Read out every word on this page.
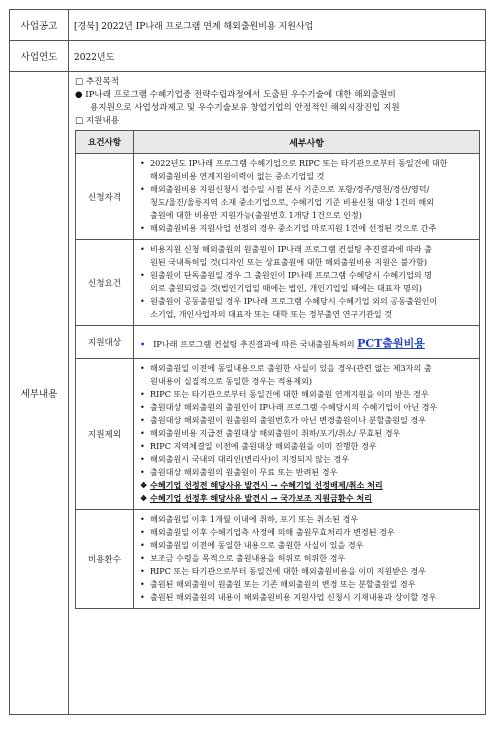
사업공고	[경북] 2022년 IP나래 프로그램 연계 해외출원비용 지원사업
사업연도	2022년도
세부내용	
□ 추진목적
● IP나래 프로그램 수혜기업중 전략수립과정에서 도출된 우수기술에 대한 해외출원비
용지원으로 사업성과제고 및 우수기술보유 창업기업의 안정적인 해외시장진입 지원
□ 지원내용
요건사항	세부사항
신청자격	
• 2022년도 IP나래 프로그램 수혜기업으로 RIPC 또는 타기관으로부터 동일건에 대한
해외출원비용 연계지원이력이 없는 중소기업일 것
• 해외출원비용 지원신청시 접수일 시점 본사 기준으로 포항/경주/영천/경산/영덕/
청도/울진/울릉지역 소재 중소기업으로, 수혜기업 기준 비용신청 대상 1건의 해외
출원에 대한 비용만 지원가능(출원번호 1개당 1건으로 인정)
• 해외출원비용 지원사업 선정의 경우 중소기업 마로지원 1건에 선정된 것으로 간주

신청요건	
• 비용지원 신청 해외출원의 원출원이 IP나래 프로그램 컨설팅 추진결과에 따라 출
원된 국내특허일 것(디자인 또는 상표출원에 대한 해외출원비용 지원은 불가함)
• 원출원이 단독출원일 경우 그 출원인이 IP나래 프로그램 수혜당시 수혜기업의 명
의로 출원되었을 것(법인기업일 때에는 법인, 개인기업일 때에는 대표자 명의)
• 원출원이 공동출원일 경우 IP나래 프로그램 수혜당시 수혜기업 외의 공동출원인이
소기업, 개인사업자의 대표자 또는 대학 또는 정부출연 연구기관일 것

지원대상	• IP나래 프로그램 컨설팅 추진결과에 따른 국내출원특허의 PCT출원비용
지원제외	
• 해외출원일 이전에 동일내용으로 출원한 사실이 있을 경우(관련 없는 제3자의 출
원내용이 실질적으로 동일한 경우는 적용제외)
• RIPC 또는 타기관으로부터 동일건에 대한 해외출원 연계지원을 이미 받은 경우
• 출원대상 해외출원의 출원인이 IP나래 프로그램 수혜당시의 수혜기업이 아닌 경우
• 출원대상 해외출원이 원출원의 출원번호가 아닌 변경출원이나 분할출원일 경우
• 해외출원비용 지급전 출원대상 해외출원이 취하/포기/취소/ 무효된 경우
• RIPC 지역체결일 이전에 출원대상 해외출원을 이미 진행한 경우
• 해외출원시 국내의 대리인(변리사)이 지정되지 않는 경우
• 출원대상 해외출원의 원출원이 무료 또는 반려된 경우
❖ 수혜기업 선정전 해당사유 발견시 → 수혜기업 선정배제/취소 처리
❖ 수혜기업 선정후 해당사유 발견시 → 국가보조 지원금환수 처리

비용환수	
• 해외출원일 이후 1개월 이내에 취하, 포기 또는 취소된 경우
• 해외출원일 이후 수혜기업측 사정에 의해 출원무효처리가 변경된 경우
• 해외출원일 이전에 동일한 내용으로 출원한 사실이 있을 경우
• 보조금 수령을 목적으로 출원내용을 허위로 허위한 경우
• RIPC 또는 타기관으로부터 동일건에 대한 해외출원비용을 이미 지원받은 경우
• 출원된 해외출원이 원출원 또는 기존 해외출원의 변경 또는 분할출원일 경우
• 출원된 해외출원의 내용이 해외출원비용 지원사업 신청시 기재내용과 상이할 경우
